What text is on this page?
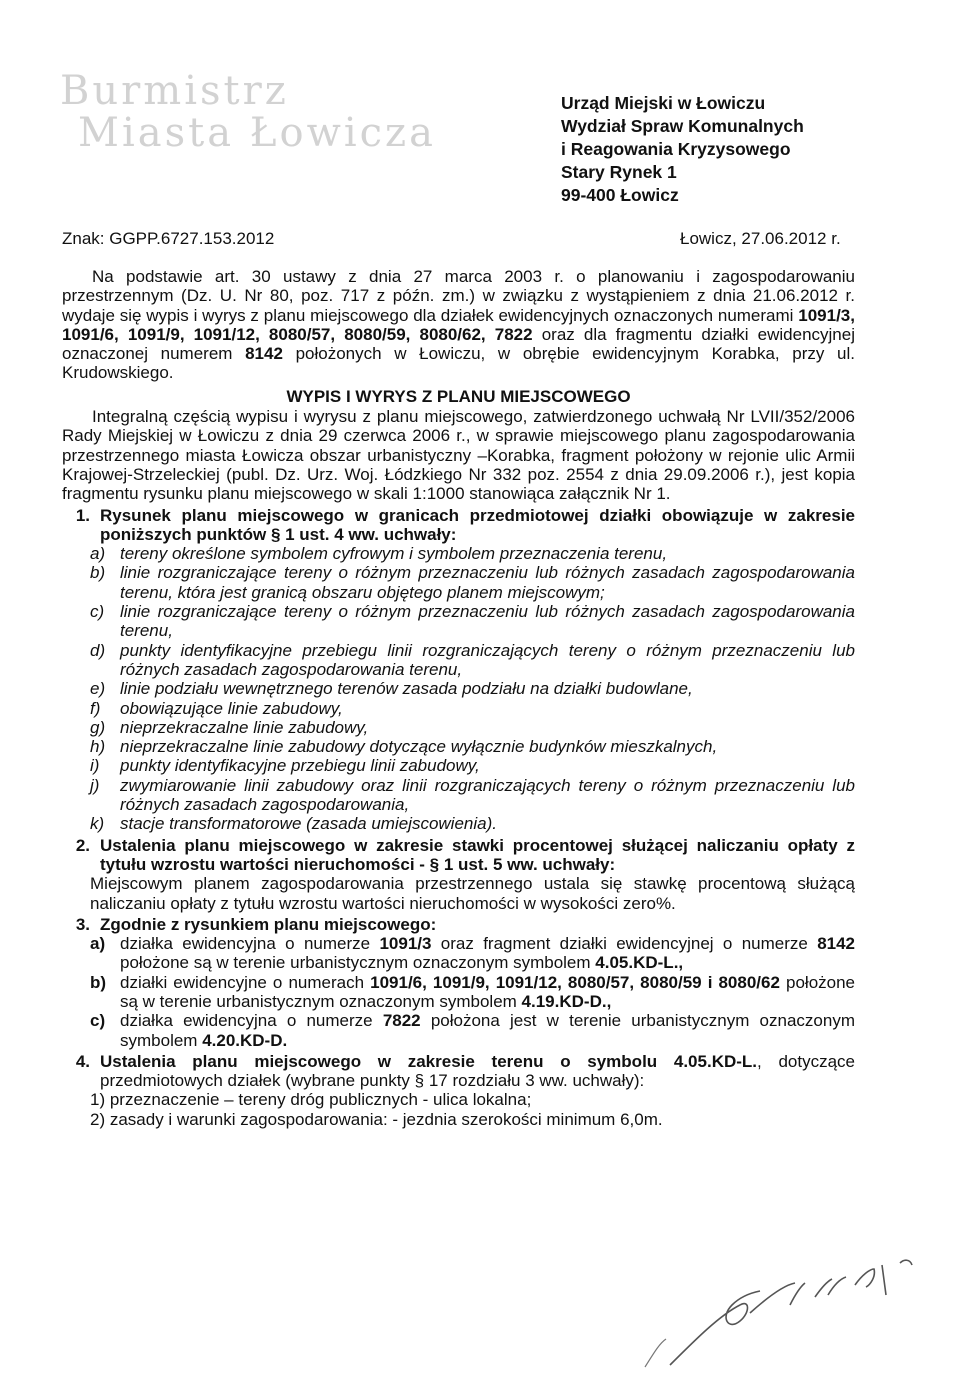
Burmistrz
Miasta Łowicza
Urząd Miejski w Łowiczu
Wydział Spraw Komunalnych
i Reagowania Kryzysowego
Stary Rynek 1
99-400 Łowicz
Znak: GGPP.6727.153.2012	Łowicz, 27.06.2012 r.

Na podstawie art. 30 ustawy z dnia 27 marca 2003 r. o planowaniu i zagospodarowaniu przestrzennym (Dz. U. Nr 80, poz. 717 z późn. zm.) w związku z wystąpieniem z dnia 21.06.2012 r. wydaje się wypis i wyrys z planu miejscowego dla działek ewidencyjnych oznaczonych numerami 1091/3, 1091/6, 1091/9, 1091/12, 8080/57, 8080/59, 8080/62, 7822 oraz dla fragmentu działki ewidencyjnej oznaczonej numerem 8142 położonych w Łowiczu, w obrębie ewidencyjnym Korabka, przy ul. Krudowskiego.

WYPIS I WYRYS Z PLANU MIEJSCOWEGO

Integralną częścią wypisu i wyrysu z planu miejscowego, zatwierdzonego uchwałą Nr LVII/352/2006 Rady Miejskiej w Łowiczu z dnia 29 czerwca 2006 r., w sprawie miejscowego planu zagospodarowania przestrzennego miasta Łowicza obszar urbanistyczny –Korabka, fragment położony w rejonie ulic Armii Krajowej-Strzeleckiej (publ. Dz. Urz. Woj. Łódzkiego Nr 332 poz. 2554 z dnia 29.09.2006 r.), jest kopia fragmentu rysunku planu miejscowego w skali 1:1000 stanowiąca załącznik Nr 1.

1. Rysunek planu miejscowego w granicach przedmiotowej działki obowiązuje w zakresie poniższych punktów § 1 ust. 4 ww. uchwały:
a) tereny określone symbolem cyfrowym i symbolem przeznaczenia terenu,
b) linie rozgraniczające tereny o różnym przeznaczeniu lub różnych zasadach zagospodarowania terenu, która jest granicą obszaru objętego planem miejscowym;
c) linie rozgraniczające tereny o różnym przeznaczeniu lub różnych zasadach zagospodarowania terenu,
d) punkty identyfikacyjne przebiegu linii rozgraniczających tereny o różnym przeznaczeniu lub różnych zasadach zagospodarowania terenu,
e) linie podziału wewnętrznego terenów zasada podziału na działki budowlane,
f)	obowiązujące linie zabudowy,
g) nieprzekraczalne linie zabudowy,
h) nieprzekraczalne linie zabudowy dotyczące wyłącznie budynków mieszkalnych,
i)	punkty identyfikacyjne przebiegu linii zabudowy,
j)	zwymiarowanie linii zabudowy oraz linii rozgraniczających tereny o różnym przeznaczeniu lub różnych zasadach zagospodarowania,
k) stacje transformatorowe (zasada umiejscowienia).
2. Ustalenia planu miejscowego w zakresie stawki procentowej służącej naliczaniu opłaty z tytułu wzrostu wartości nieruchomości - § 1 ust. 5 ww. uchwały:
Miejscowym planem zagospodarowania przestrzennego ustala się stawkę procentową służącą naliczaniu opłaty z tytułu wzrostu wartości nieruchomości w wysokości zero%.
3. Zgodnie z rysunkiem planu miejscowego:
a) działka ewidencyjna o numerze 1091/3 oraz fragment działki ewidencyjnej o numerze 8142 położone są w terenie urbanistycznym oznaczonym symbolem 4.05.KD-L.,
b) działki ewidencyjne o numerach 1091/6, 1091/9, 1091/12, 8080/57, 8080/59 i 8080/62 położone są w terenie urbanistycznym oznaczonym symbolem 4.19.KD-D.,
c) działka ewidencyjna o numerze 7822 położona jest w terenie urbanistycznym oznaczonym symbolem 4.20.KD-D.
4. Ustalenia planu miejscowego w zakresie terenu o symbolu 4.05.KD-L., dotyczące przedmiotowych działek (wybrane punkty § 17 rozdziału 3 ww. uchwały):
1) przeznaczenie – tereny dróg publicznych - ulica lokalna;
2) zasady i warunki zagospodarowania: - jezdnia szerokości minimum 6,0m.
